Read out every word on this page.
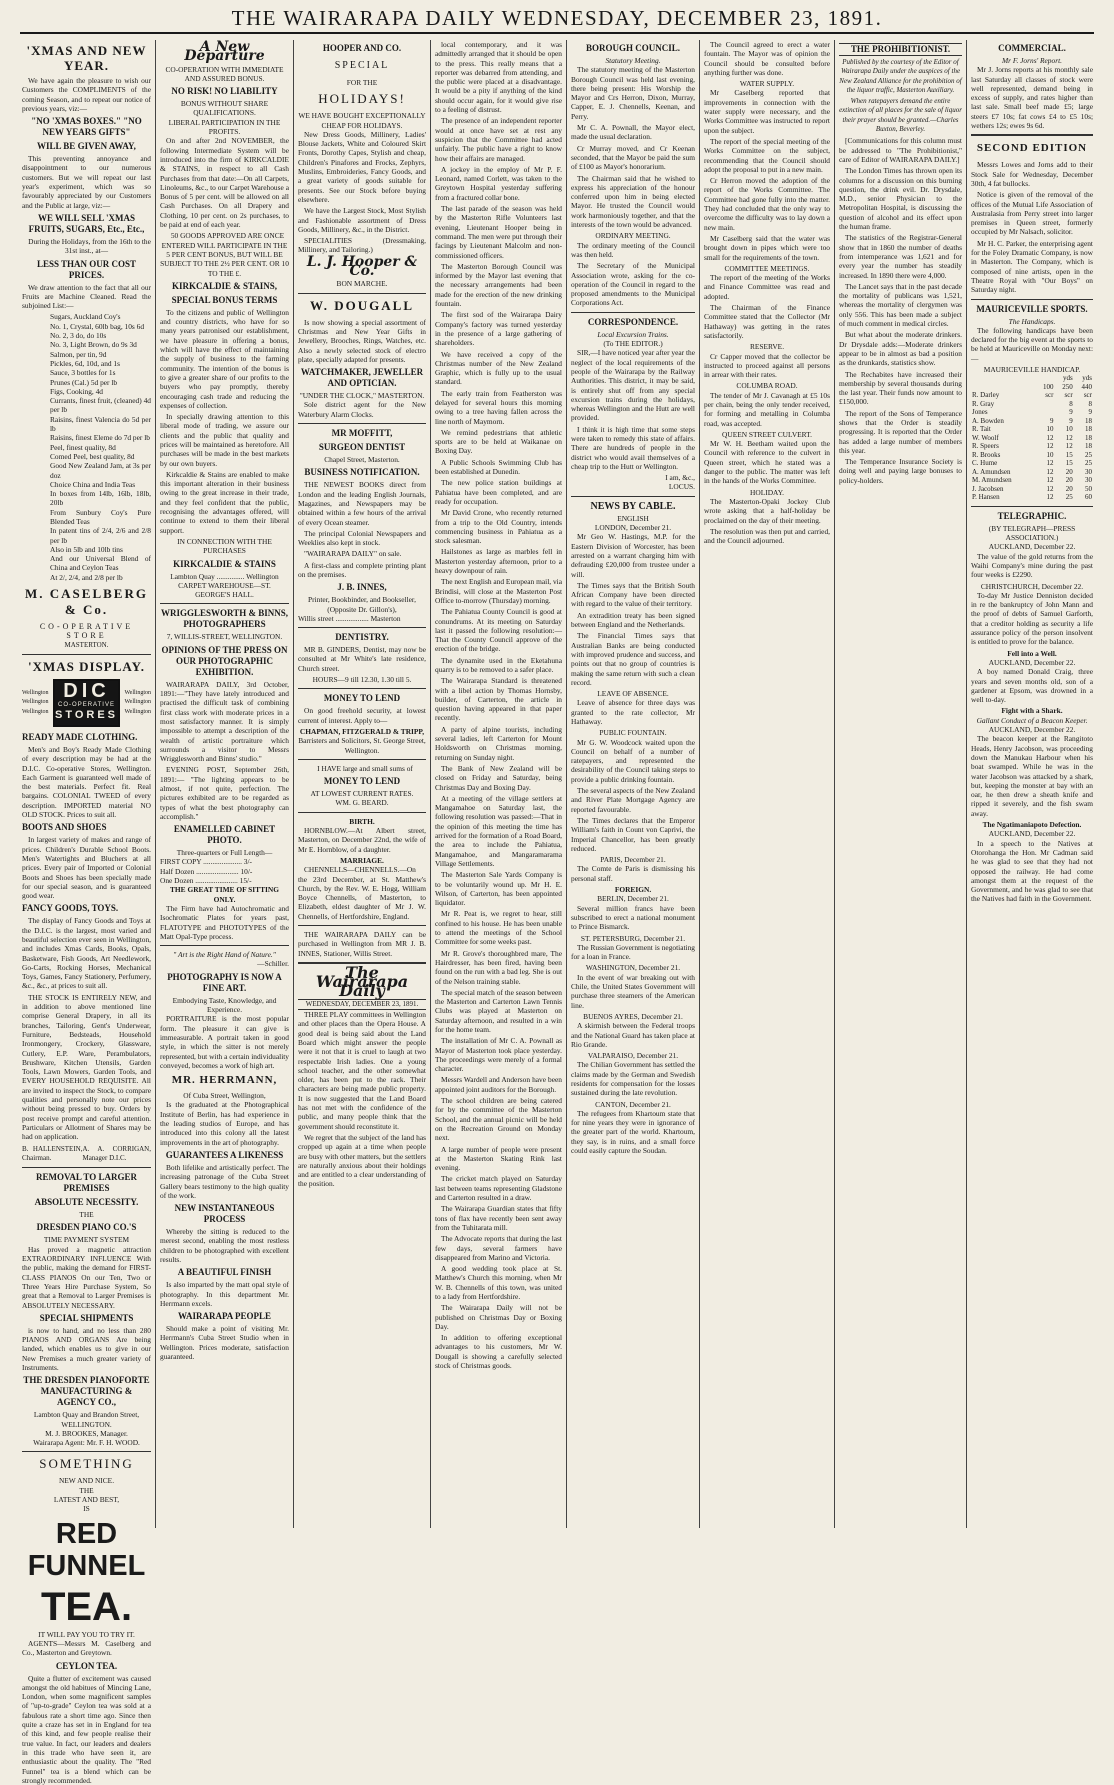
THE WAIRARAPA DAILY WEDNESDAY, DECEMBER 23, 1891.
'XMAS AND NEW YEAR.

We have again the pleasure to wish our Customers the COMPLIMENTS of the coming Season, and to repeat our notice of previous years, viz:—

"NO 'XMAS BOXES." "NO NEW YEARS GIFTS"
WILL BE GIVEN AWAY,

This preventing annoyance and disappointment to our numerous customers. But we will repeat our last year's experiment, which was so favourably appreciated by our Customers and the Public at large, viz:—

WE WILL SELL 'XMAS FRUITS, SUGARS, Etc., Etc.,

During the Holidays, from the 16th to the 31st inst., at—

LESS THAN OUR COST PRICES.

We draw attention to the fact that all our Fruits are Machine Cleaned. Read the subjoined List:—

Sugars, Auckland Coy's
No. 1, Crystal, 60lb bag, 10s 6d
No. 2, 3 do, do 10s
No. 3, Light Brown, do 9s 3d
Salmon, per tin, 9d
Pickles, 6d, 10d, and 1s
Sauce, 3 bottles for 1s
Prunes (Cal.) 5d per lb
Figs, Cooking, 4d
Currants, finest fruit, (cleaned) 4d per lb
Raisins, finest Valencia do 5d per lb
Raisins, finest Eleme do 7d per lb
Peel, finest quality, 8d
Comed Peel, best quality, 8d
Good New Zealand Jam, at 3s per doz
Choice China and India Teas
In boxes from 14lb, 16lb, 18lb, 20lb
From Sunbury Coy's Pure Blended Teas
In patent tins of 2/4, 2/6 and 2/8 per lb
Also in 5lb and 10lb tins
And our Universal Blend of China and Ceylon Teas
At 2/, 2/4, and 2/8 per lb
M. CASELBERG & Co.
CO-OPERATIVE STORE
MASTERTON.
'XMAS DISPLAY.
Wellington
Wellington
Wellington
DIC
CO-OPERATIVE
STORES
Wellington
Wellington
Wellington
READY MADE CLOTHING.

Men's and Boy's Ready Made Clothing of every description may be had at the D.I.C. Co-operative Stores, Wellington. Each Garment is guaranteed well made of the best materials. Perfect fit. Real bargains. COLONIAL TWEED of every description. IMPORTED material NO OLD STOCK. Prices to suit all.

BOOTS AND SHOES

In largest variety of makes and range of prices. Children's Durable School Boots. Men's Watertights and Bluchers at all prices. Every pair of Imported or Colonial Boots and Shoes has been specially made for our special season, and is guaranteed good wear.

FANCY GOODS, TOYS.

The display of Fancy Goods and Toys at the D.I.C. is the largest, most varied and beautiful selection ever seen in Wellington, and includes Xmas Cards, Books, Opals, Basketware, Fish Goods, Art Needlework, Go-Carts, Rocking Horses, Mechanical Toys, Games, Fancy Stationery, Perfumery, &c., &c., at prices to suit all.

THE STOCK IS ENTIRELY NEW, and in addition to above mentioned line comprise General Drapery, in all its branches, Tailoring, Gent's Underwear, Furniture, Bedsteads, Household Ironmongery, Crockery, Glassware, Cutlery, E.P. Ware, Perambulators, Brushware, Kitchen Utensils, Garden Tools, Lawn Mowers, Garden Tools, and EVERY HOUSEHOLD REQUISITE. All are invited to inspect the Stock, to compare qualities and personally note our prices without being pressed to buy. Orders by post receive prompt and careful attention. Particulars or Allotment of Shares may be had on application.

B. HALLENSTEIN, Chairman.
A. A. CORRIGAN, Manager D.I.C.
REMOVAL TO LARGER PREMISES
ABSOLUTE NECESSITY.
THE
DRESDEN PIANO CO.'S
TIME PAYMENT SYSTEM

Has proved a magnetic attraction EXTRAORDINARY INFLUENCE With the public, making the demand for FIRST-CLASS PIANOS On our Ten, Two or Three Years Hire Purchase System, So great that a Removal to Larger Premises is ABSOLUTELY NECESSARY.

SPECIAL SHIPMENTS

is now to hand, and no less than 280 PIANOS AND ORGANS Are being landed, which enables us to give in our New Premises a much greater variety of Instruments.

THE DRESDEN PIANOFORTE MANUFACTURING & AGENCY CO.,
Lambton Quay and Brandon Street, WELLINGTON.
M. J. BROOKES, Manager.
Wairarapa Agent: Mr. F. H. WOOD.
SOMETHING
NEW AND NICE.
THE
LATEST AND BEST,
IS
RED FUNNEL
TEA.
IT WILL PAY YOU TO TRY IT.

AGENTS—Messrs M. Caselberg and Co., Masterton and Greytown.

CEYLON TEA.

Quite a flutter of excitement was caused amongst the old habitues of Mincing Lane, London, when some magnificent samples of "up-to-grade" Ceylon tea was sold at a fabulous rate a short time ago. Since then quite a craze has set in in England for tea of this kind, and few people realise their true value. In fact, our leaders and dealers in this trade who have seen it, are enthusiastic about the quality. The "Red Funnel" tea is a blend which can be strongly recommended.

A New Departure
CO-OPERATION WITH IMMEDIATE AND ASSURED BONUS.
NO RISK! NO LIABILITY
BONUS WITHOUT SHARE QUALIFICATIONS.
LIBERAL PARTICIPATION IN THE PROFITS.

On and after 2nd NOVEMBER, the following Intermediate System will be introduced into the firm of KIRKCALDIE & STAINS, in respect to all Cash Purchases from that date:—On all Carpets, Linoleums, &c., to our Carpet Warehouse a Bonus of 5 per cent. will be allowed on all Cash Purchases. On all Drapery and Clothing, 10 per cent. on 2s purchases, to be paid at end of each year.

50 GOODS APPROVED ARE ONCE ENTERED WILL PARTICIPATE IN THE 5 PER CENT BONUS, BUT WILL BE SUBJECT TO THE 2½ PER CENT. OR 10 TO THE £.

KIRKCALDIE & STAINS,
SPECIAL BONUS TERMS

To the citizens and public of Wellington and country districts, who have for so many years patronised our establishment, we have pleasure in offering a bonus, which will have the effect of maintaining the supply of business to the farming community. The intention of the bonus is to give a greater share of our profits to the buyers who pay promptly, thereby encouraging cash trade and reducing the expenses of collection.

In specially drawing attention to this liberal mode of trading, we assure our clients and the public that quality and prices will be maintained as heretofore. All purchases will be made in the best markets by our own buyers.

Kirkcaldie & Stains are enabled to make this important alteration in their business owing to the great increase in their trade, and they feel confident that the public, recognising the advantages offered, will continue to extend to them their liberal support.

IN CONNECTION WITH THE PURCHASES
KIRKCALDIE & STAINS
Lambton Quay ............... Wellington
CARPET WAREHOUSE—ST. GEORGE'S HALL.
WRIGGLESWORTH & BINNS, PHOTOGRAPHERS
7, WILLIS-STREET, WELLINGTON.
OPINIONS OF THE PRESS ON OUR PHOTOGRAPHIC EXHIBITION.

WAIRARAPA DAILY, 3rd October, 1891:—"They have lately introduced and practised the difficult task of combining first class work with moderate prices in a most satisfactory manner. It is simply impossible to attempt a description of the wealth of artistic portraiture which surrounds a visitor to Messrs Wrigglesworth and Binns' studio."

EVENING POST, September 26th, 1891:— "The lighting appears to be almost, if not quite, perfection. The pictures exhibited are to be regarded as types of what the best photography can accomplish."

ENAMELLED CABINET PHOTO.
Three-quarters or Full Length—
FIRST COPY ..................... 3/-
Half Dozen ....................... 10/-
One Dozen ....................... 15/-
THE GREAT TIME OF SITTING ONLY.

The Firm have had Autochromatic and Isochromatic Plates for years past, FLATOTYPE and PHOTOTYPES of the Matt Opal-Type process.

" Art is the Right Hand of Nature."
—Schiller.
PHOTOGRAPHY IS NOW A FINE ART.
Embodying Taste, Knowledge, and Experience.

PORTRAITURE is the most popular form. The pleasure it can give is immeasurable. A portrait taken in good style, in which the sitter is not merely represented, but with a certain individuality conveyed, becomes a work of high art.

MR. HERRMANN,
Of Cuba Street, Wellington,

Is the graduated at the Photographical Institute of Berlin, has had experience in the leading studios of Europe, and has introduced into this colony all the latest improvements in the art of photography.

GUARANTEES A LIKENESS

Both lifelike and artistically perfect. The increasing patronage of the Cuba Street Gallery bears testimony to the high quality of the work.

NEW INSTANTANEOUS PROCESS

Whereby the sitting is reduced to the merest second, enabling the most restless children to be photographed with excellent results.

A BEAUTIFUL FINISH

Is also imparted by the matt opal style of photography. In this department Mr. Herrmann excels.

WAIRARAPA PEOPLE

Should make a point of visiting Mr. Herrmann's Cuba Street Studio when in Wellington. Prices moderate, satisfaction guaranteed.

HOOPER AND CO.
SPECIAL
FOR THE
HOLIDAYS!
WE HAVE BOUGHT EXCEPTIONALLY CHEAP FOR HOLIDAYS.

New Dress Goods, Millinery, Ladies' Blouse Jackets, White and Coloured Skirt Fronts, Dorothy Capes, Stylish and cheap, Children's Pinafores and Frocks, Zephyrs, Muslins, Embroideries, Fancy Goods, and a great variety of goods suitable for presents. See our Stock before buying elsewhere.

We have the Largest Stock, Most Stylish and Fashionable assortment of Dress Goods, Millinery, &c., in the District.

SPECIALITIES (Dressmaking, Millinery, and Tailoring.)

L. J. Hooper & Co.
BON MARCHE.
W. DOUGALL

Is now showing a special assortment of Christmas and New Year Gifts in Jewellery, Brooches, Rings, Watches, etc. Also a newly selected stock of electro plate, specially adapted for presents.

WATCHMAKER, JEWELLER AND OPTICIAN.
"UNDER THE CLOCK," MASTERTON.

Sole district agent for the New Waterbury Alarm Clocks.

MR MOFFITT,
SURGEON DENTIST
Chapel Street, Masterton.
BUSINESS NOTIFICATION.

THE NEWEST BOOKS direct from London and the leading English Journals, Magazines, and Newspapers may be obtained within a few hours of the arrival of every Ocean steamer.

The principal Colonial Newspapers and Weeklies also kept in stock.

"WAIRARAPA DAILY" on sale.

A first-class and complete printing plant on the premises.

J. B. INNES,
Printer, Bookbinder, and Bookseller,
(Opposite Dr. Gillon's),
Willis street .................. Masterton
DENTISTRY.

MR B. GINDERS, Dentist, may now be consulted at Mr White's late residence, Church street.

HOURS—9 till 12.30, 1.30 till 5.
MONEY TO LEND

On good freehold security, at lowest current of interest. Apply to—

CHAPMAN, FITZGERALD & TRIPP,
Barristers and Solicitors, St. George Street, Wellington.

I HAVE large and small sums of

MONEY TO LEND
AT LOWEST CURRENT RATES.
WM. G. BEARD.
BIRTH.

HORNBLOW.—At Albert street, Masterton, on December 22nd, the wife of Mr E. Hornblow, of a daughter.

MARRIAGE.

CHENNELLS—CHENNELLS.—On the 23rd December, at St. Matthew's Church, by the Rev. W. E. Hogg, William Boyce Chennells, of Masterton, to Elizabeth, eldest daughter of Mr J. W. Chennells, of Hertfordshire, England.

THE WAIRARAPA DAILY can be purchased in Wellington from MR J. B. INNES, Stationer, Willis Street.

The Wairarapa Daily
WEDNESDAY, DECEMBER 23, 1891.

THREE PLAY committees in Wellington and other places than the Opera House. A good deal is being said about the Land Board which might answer the people were it not that it is cruel to laugh at two respectable Irish ladies. One a young school teacher, and the other somewhat older, has been put to the rack. Their characters are being made public property. It is now suggested that the Land Board has not met with the confidence of the public, and many people think that the government should reconstitute it.

We regret that the subject of the land has cropped up again at a time when people are busy with other matters, but the settlers are naturally anxious about their holdings and are entitled to a clear understanding of the position.

local contemporary, and it was admittedly arranged that it should be open to the press. This really means that a reporter was debarred from attending, and the public were placed at a disadvantage. It would be a pity if anything of the kind should occur again, for it would give rise to a feeling of distrust.

The presence of an independent reporter would at once have set at rest any suspicion that the Committee had acted unfairly. The public have a right to know how their affairs are managed.

A jockey in the employ of Mr P. F. Leonard, named Corlett, was taken to the Greytown Hospital yesterday suffering from a fractured collar bone.

The last parade of the season was held by the Masterton Rifle Volunteers last evening, Lieutenant Hooper being in command. The men were put through their facings by Lieutenant Malcolm and non-commissioned officers.

The Masterton Borough Council was informed by the Mayor last evening that the necessary arrangements had been made for the erection of the new drinking fountain.

The first sod of the Wairarapa Dairy Company's factory was turned yesterday in the presence of a large gathering of shareholders.

We have received a copy of the Christmas number of the New Zealand Graphic, which is fully up to the usual standard.

The early train from Featherston was delayed for several hours this morning owing to a tree having fallen across the line north of Maymorn.

We remind pedestrians that athletic sports are to be held at Waikanae on Boxing Day.

A Public Schools Swimming Club has been established at Dunedin.

The new police station buildings at Pahiatua have been completed, and are ready for occupation.

Mr David Crone, who recently returned from a trip to the Old Country, intends commencing business in Pahiatua as a stock salesman.

Hailstones as large as marbles fell in Masterton yesterday afternoon, prior to a heavy downpour of rain.

The next English and European mail, via Brindisi, will close at the Masterton Post Office to-morrow (Thursday) morning.

The Pahiatua County Council is good at conundrums. At its meeting on Saturday last it passed the following resolution:—That the County Council approve of the erection of the bridge.

The dynamite used in the Eketahuna quarry is to be removed to a safer place.

The Wairarapa Standard is threatened with a libel action by Thomas Hornsby, builder, of Carterton, the article in question having appeared in that paper recently.

A party of alpine tourists, including several ladies, left Carterton for Mount Holdsworth on Christmas morning, returning on Sunday night.

The Bank of New Zealand will be closed on Friday and Saturday, being Christmas Day and Boxing Day.

At a meeting of the village settlers at Mangamahoe on Saturday last, the following resolution was passed:—That in the opinion of this meeting the time has arrived for the formation of a Road Board, the area to include the Pahiatua, Mangamahoe, and Mangaramarama Village Settlements.

The Masterton Sale Yards Company is to be voluntarily wound up. Mr H. E. Wilson, of Carterton, has been appointed liquidator.

Mr R. Peat is, we regret to hear, still confined to his house. He has been unable to attend the meetings of the School Committee for some weeks past.

Mr R. Grove's thoroughbred mare, The Hairdresser, has been fired, having been found on the run with a bad leg. She is out of the Nelson training stable.

The special match of the season between the Masterton and Carterton Lawn Tennis Clubs was played at Masterton on Saturday afternoon, and resulted in a win for the home team.

The installation of Mr C. A. Pownall as Mayor of Masterton took place yesterday. The proceedings were merely of a formal character.

Messrs Wardell and Anderson have been appointed joint auditors for the Borough.

The school children are being catered for by the committee of the Masterton School, and the annual picnic will be held on the Recreation Ground on Monday next.

A large number of people were present at the Masterton Skating Rink last evening.

The cricket match played on Saturday last between teams representing Gladstone and Carterton resulted in a draw.

The Wairarapa Guardian states that fifty tons of flax have recently been sent away from the Tuhitarata mill.

The Advocate reports that during the last few days, several farmers have disappeared from Marino and Victoria.

A good wedding took place at St. Matthew's Church this morning, when Mr W. B. Chennells of this town, was united to a lady from Hertfordshire.

The Wairarapa Daily will not be published on Christmas Day or Boxing Day.

In addition to offering exceptional advantages to his customers, Mr W. Dougall is showing a carefully selected stock of Christmas goods.

BOROUGH COUNCIL.
Statutory Meeting.

The statutory meeting of the Masterton Borough Council was held last evening, there being present: His Worship the Mayor and Crs Herron, Dixon, Murray, Capper, E. J. Chennells, Keenan, and Perry.

Mr C. A. Pownall, the Mayor elect, made the usual declaration.

Cr Murray moved, and Cr Keenan seconded, that the Mayor be paid the sum of £100 as Mayor's honorarium.

The Chairman said that he wished to express his appreciation of the honour conferred upon him in being elected Mayor. He trusted the Council would work harmoniously together, and that the interests of the town would be advanced.

ORDINARY MEETING.

The ordinary meeting of the Council was then held.

The Secretary of the Municipal Association wrote, asking for the co-operation of the Council in regard to the proposed amendments to the Municipal Corporations Act.

CORRESPONDENCE.
Local Excursion Trains.
(To THE EDITOR.)

SIR,—I have noticed year after year the neglect of the local requirements of the people of the Wairarapa by the Railway Authorities. This district, it may be said, is entirely shut off from any special excursion trains during the holidays, whereas Wellington and the Hutt are well provided.

I think it is high time that some steps were taken to remedy this state of affairs. There are hundreds of people in the district who would avail themselves of a cheap trip to the Hutt or Wellington.

I am, &c.,
LOCUS.
NEWS BY CABLE.
ENGLISH
LONDON, December 21.

Mr Geo W. Hastings, M.P. for the Eastern Division of Worcester, has been arrested on a warrant charging him with defrauding £20,000 from trustee under a will.

The Times says that the British South African Company have been directed with regard to the value of their territory.

An extradition treaty has been signed between England and the Netherlands.

The Financial Times says that Australian Banks are being conducted with improved prudence and success, and points out that no group of countries is making the same return with such a clean record.

LEAVE OF ABSENCE.

Leave of absence for three days was granted to the rate collector, Mr Hathaway.

PUBLIC FOUNTAIN.

Mr G. W. Woodcock waited upon the Council on behalf of a number of ratepayers, and represented the desirability of the Council taking steps to provide a public drinking fountain.

The several aspects of the New Zealand and River Plate Mortgage Agency are reported favourable.

The Times declares that the Emperor William's faith in Count von Caprivi, the Imperial Chancellor, has been greatly reduced.

PARIS, December 21.

The Comte de Paris is dismissing his personal staff.

FOREIGN.
BERLIN, December 21.

Several million francs have been subscribed to erect a national monument to Prince Bismarck.

ST. PETERSBURG, December 21.

The Russian Government is negotiating for a loan in France.

WASHINGTON, December 21.

In the event of war breaking out with Chile, the United States Government will purchase three steamers of the American line.

BUENOS AYRES, December 21.

A skirmish between the Federal troops and the National Guard has taken place at Rio Grande.

VALPARAISO, December 21.

The Chilian Government has settled the claims made by the German and Swedish residents for compensation for the losses sustained during the late revolution.

CANTON, December 21.

The refugees from Khartoum state that for nine years they were in ignorance of the greater part of the world. Khartoum, they say, is in ruins, and a small force could easily capture the Soudan.

The Council agreed to erect a water fountain. The Mayor was of opinion the Council should be consulted before anything further was done.

WATER SUPPLY.

Mr Caselberg reported that improvements in connection with the water supply were necessary, and the Works Committee was instructed to report upon the subject.

The report of the special meeting of the Works Committee on the subject, recommending that the Council should adopt the proposal to put in a new main.

Cr Herron moved the adoption of the report of the Works Committee. The Committee had gone fully into the matter. They had concluded that the only way to overcome the difficulty was to lay down a new main.

Mr Caselberg said that the water was brought down in pipes which were too small for the requirements of the town.

COMMITTEE MEETINGS.

The report of the meeting of the Works and Finance Committee was read and adopted.

The Chairman of the Finance Committee stated that the Collector (Mr Hathaway) was getting in the rates satisfactorily.

RESERVE.

Cr Capper moved that the collector be instructed to proceed against all persons in arrear with their rates.

COLUMBA ROAD.

The tender of Mr J. Cavanagh at £5 10s per chain, being the only tender received, for forming and metalling in Columba road, was accepted.

QUEEN STREET CULVERT.

Mr W. H. Beetham waited upon the Council with reference to the culvert in Queen street, which he stated was a danger to the public. The matter was left in the hands of the Works Committee.

HOLIDAY.

The Masterton-Opaki Jockey Club wrote asking that a half-holiday be proclaimed on the day of their meeting.

The resolution was then put and carried, and the Council adjourned.

THE PROHIBITIONIST.
Published by the courtesy of the Editor of Wairarapa Daily under the auspices of the New Zealand Alliance for the prohibition of the liquor traffic, Masterton Auxiliary.
When ratepayers demand the entire extinction of all places for the sale of liquor their prayer should be granted.—Charles Buxton, Beverley.

[Communications for this column must be addressed to "The Prohibitionist," care of Editor of WAIRARAPA DAILY.]

The London Times has thrown open its columns for a discussion on this burning question, the drink evil. Dr. Drysdale, M.D., senior Physician to the Metropolitan Hospital, is discussing the question of alcohol and its effect upon the human frame.

The statistics of the Registrar-General show that in 1860 the number of deaths from intemperance was 1,621 and for every year the number has steadily increased. In 1890 there were 4,000.

The Lancet says that in the past decade the mortality of publicans was 1,521, whereas the mortality of clergymen was only 556. This has been made a subject of much comment in medical circles.

But what about the moderate drinkers. Dr Drysdale adds:—Moderate drinkers appear to be in almost as bad a position as the drunkards, statistics show.

The Rechabites have increased their membership by several thousands during the last year. Their funds now amount to £150,000.

The report of the Sons of Temperance shows that the Order is steadily progressing. It is reported that the Order has added a large number of members this year.

The Temperance Insurance Society is doing well and paying large bonuses to policy-holders.

COMMERCIAL.
Mr F. Jorns' Report.

Mr J. Jorns reports at his monthly sale last Saturday all classes of stock were well represented, demand being in excess of supply, and rates higher than last sale. Small beef made £5; large steers £7 10s; fat cows £4 to £5 10s; wethers 12s; ewes 9s 6d.

SECOND EDITION

Messrs Lowes and Jorns add to their Stock Sale for Wednesday, December 30th, 4 fat bullocks.

Notice is given of the removal of the offices of the Mutual Life Association of Australasia from Perry street into larger premises in Queen street, formerly occupied by Mr Nalsach, solicitor.

Mr H. C. Parker, the enterprising agent for the Foley Dramatic Company, is now in Masterton. The Company, which is composed of nine artists, open in the Theatre Royal with "Our Boys" on Saturday night.

MAURICEVILLE SPORTS.
The Handicaps.

The following handicaps have been declared for the big event at the sports to be held at Mauriceville on Monday next:—

MAURICEVILLE HANDICAP.
	yds		yds
	100	250	440
R. Darley	scr	scr	scr
R. Gray		8	8
Jones		9	9
A. Bowden	9	9	18
R. Tait	10	10	18
W. Woolf	12	12	18
R. Speers	12	12	18
R. Brooks	10	15	25
C. Hume	12	15	25
A. Amundsen	12	20	30
M. Amundsen	12	20	30
J. Jacobsen	12	20	50
P. Hansen	12	25	60
TELEGRAPHIC.
(BY TELEGRAPH—PRESS ASSOCIATION.)
AUCKLAND, December 22.

The value of the gold returns from the Waihi Company's mine during the past four weeks is £2290.

CHRISTCHURCH, December 22.

To-day Mr Justice Denniston decided in re the bankruptcy of John Mann and the proof of debts of Samuel Garforth, that a creditor holding as security a life assurance policy of the person insolvent is entitled to prove for the balance.

Fell into a Well.
AUCKLAND, December 22.

A boy named Donald Craig, three years and seven months old, son of a gardener at Epsom, was drowned in a well to-day.

Fight with a Shark.
Gallant Conduct of a Beacon Keeper.
AUCKLAND, December 22.

The beacon keeper at the Rangitoto Heads, Henry Jacobson, was proceeding down the Manukau Harbour when his boat swamped. While he was in the water Jacobson was attacked by a shark, but, keeping the monster at bay with an oar, he then drew a sheath knife and ripped it severely, and the fish swam away.

The Ngatimaniapoto Defection.
AUCKLAND, December 22.

In a speech to the Natives at Otorohanga the Hon. Mr Cadman said he was glad to see that they had not opposed the railway. He had come amongst them at the request of the Government, and he was glad to see that the Natives had faith in the Government.
